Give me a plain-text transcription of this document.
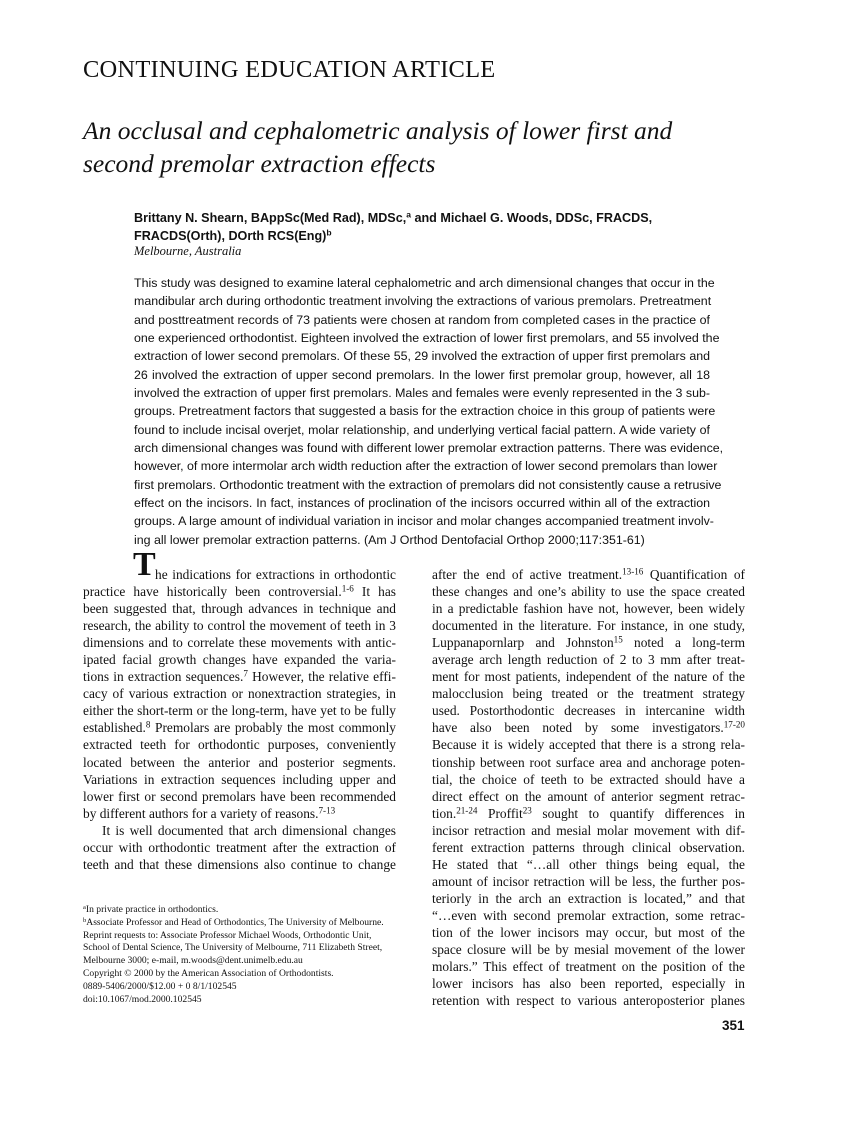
CONTINUING EDUCATION ARTICLE
An occlusal and cephalometric analysis of lower first and
second premolar extraction effects
Brittany N. Shearn, BAppSc(Med Rad), MDSc,$^a$ and Michael G. Woods, DDSc, FRACDS,
FRACDS(Orth), DOrth RCS(Eng)$^b$
Melbourne, Australia
This study was designed to examine lateral cephalometric and arch dimensional changes that occur in the
mandibular arch during orthodontic treatment involving the extractions of various premolars. Pretreatment
and posttreatment records of 73 patients were chosen at random from completed cases in the practice of
one experienced orthodontist. Eighteen involved the extraction of lower first premolars, and 55 involved the
extraction of lower second premolars. Of these 55, 29 involved the extraction of upper first premolars and
26 involved the extraction of upper second premolars. In the lower first premolar group, however, all 18
involved the extraction of upper first premolars. Males and females were evenly represented in the 3 sub-
groups. Pretreatment factors that suggested a basis for the extraction choice in this group of patients were
found to include incisal overjet, molar relationship, and underlying vertical facial pattern. A wide variety of
arch dimensional changes was found with different lower premolar extraction patterns. There was evidence,
however, of more intermolar arch width reduction after the extraction of lower second premolars than lower
first premolars. Orthodontic treatment with the extraction of premolars did not consistently cause a retrusive
effect on the incisors. In fact, instances of proclination of the incisors occurred within all of the extraction
groups. A large amount of individual variation in incisor and molar changes accompanied treatment involv-
ing all lower premolar extraction patterns. (Am J Orthod Dentofacial Orthop 2000;117:351-61)
T he indications for extractions in orthodontic
practice have historically been controversial.$^{1-6}$ It has
been suggested that, through advances in technique and
research, the ability to control the movement of teeth in 3
dimensions and to correlate these movements with antic-
ipated facial growth changes have expanded the varia-
tions in extraction sequences.$^7$ However, the relative effi-
cacy of various extraction or nonextraction strategies, in
either the short-term or the long-term, have yet to be fully
established.$^8$ Premolars are probably the most commonly
extracted teeth for orthodontic purposes, conveniently
located between the anterior and posterior segments.
Variations in extraction sequences including upper and
lower first or second premolars have been recommended
by different authors for a variety of reasons.$^{7-13}$
It is well documented that arch dimensional changes
occur with orthodontic treatment after the extraction of
teeth and that these dimensions also continue to change
after the end of active treatment.$^{13-16}$ Quantification of
these changes and one’s ability to use the space created
in a predictable fashion have not, however, been widely
documented in the literature. For instance, in one study,
Luppanapornlarp and Johnston$^{15}$ noted a long-term
average arch length reduction of 2 to 3 mm after treat-
ment for most patients, independent of the nature of the
malocclusion being treated or the treatment strategy
used. Postorthodontic decreases in intercanine width
have also been noted by some investigators.$^{17-20}$
Because it is widely accepted that there is a strong rela-
tionship between root surface area and anchorage poten-
tial, the choice of teeth to be extracted should have a
direct effect on the amount of anterior segment retrac-
tion.$^{21-24}$ Proffit$^{23}$ sought to quantify differences in
incisor retraction and mesial molar movement with dif-
ferent extraction patterns through clinical observation.
He stated that “…all other things being equal, the
amount of incisor retraction will be less, the further pos-
teriorly in the arch an extraction is located,” and that
“…even with second premolar extraction, some retrac-
tion of the lower incisors may occur, but most of the
space closure will be by mesial movement of the lower
molars.” This effect of treatment on the position of the
lower incisors has also been reported, especially in
retention with respect to various anteroposterior planes
$^a$In private practice in orthodontics.
$^b$Associate Professor and Head of Orthodontics, The University of Melbourne.
Reprint requests to: Associate Professor Michael Woods, Orthodontic Unit,
School of Dental Science, The University of Melbourne, 711 Elizabeth Street,
Melbourne 3000; e-mail, m.woods@dent.unimelb.edu.au
Copyright © 2000 by the American Association of Orthodontists.
0889-5406/2000/$12.00 + 0 8/1/102545
doi:10.1067/mod.2000.102545
351
